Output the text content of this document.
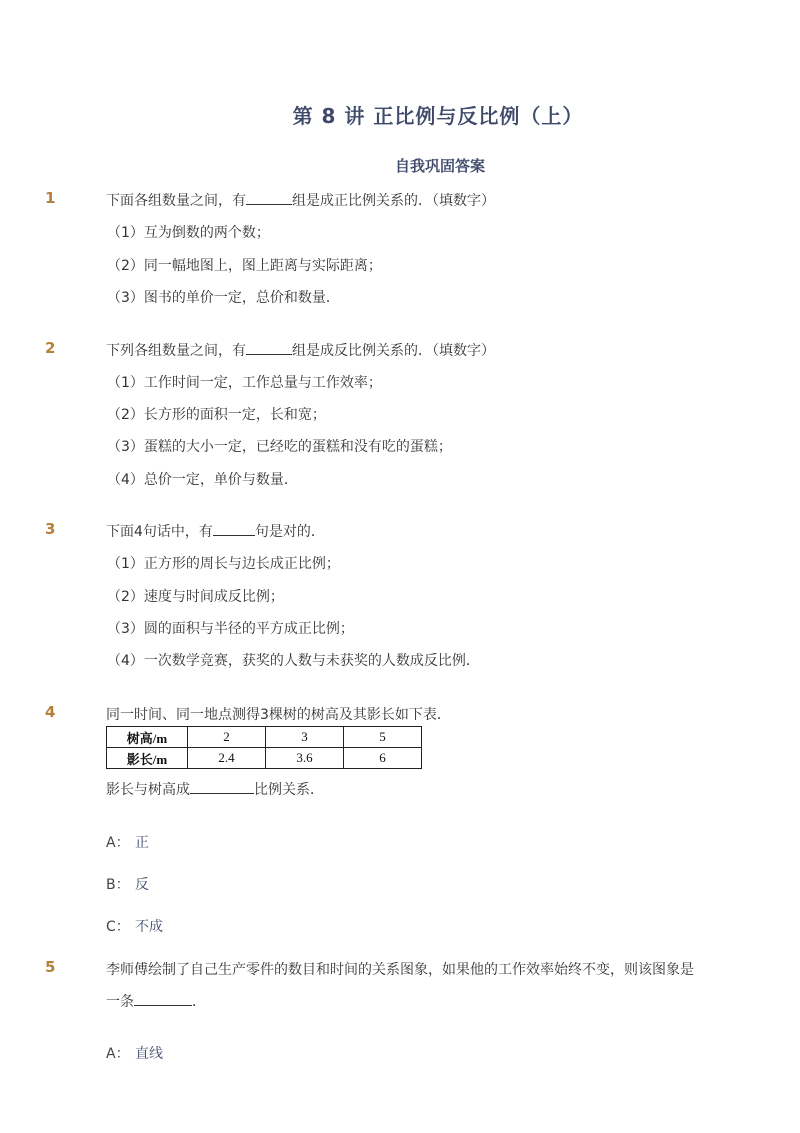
第 8 讲 正比例与反比例（上）
自我巩固答案
1	下面各组数量之间，有	组是成正比例关系的．（填数字）
（1）互为倒数的两个数；
（2）同一幅地图上，图上距离与实际距离；
（3）图书的单价一定，总价和数量．
2	下列各组数量之间，有	组是成反比例关系的．（填数字）
（1）工作时间一定，工作总量与工作效率；
（2）长方形的面积一定，长和宽；
（3）蛋糕的大小一定，已经吃的蛋糕和没有吃的蛋糕；
（4）总价一定，单价与数量．
3	下面4句话中，有	句是对的．
（1）正方形的周长与边长成正比例；
（2）速度与时间成反比例；
（3）圆的面积与半径的平方成正比例；
（4）一次数学竞赛，获奖的人数与未获奖的人数成反比例．
4	同一时间、同一地点测得3棵树的树高及其影长如下表．
树高/m	2	3	5
影长/m	2.4	3.6	6
影长与树高成	比例关系．
A： 正
B： 反
C： 不成
5	李师傅绘制了自己生产零件的数目和时间的关系图象，如果他的工作效率始终不变，则该图象是
一条	．
A： 直线
